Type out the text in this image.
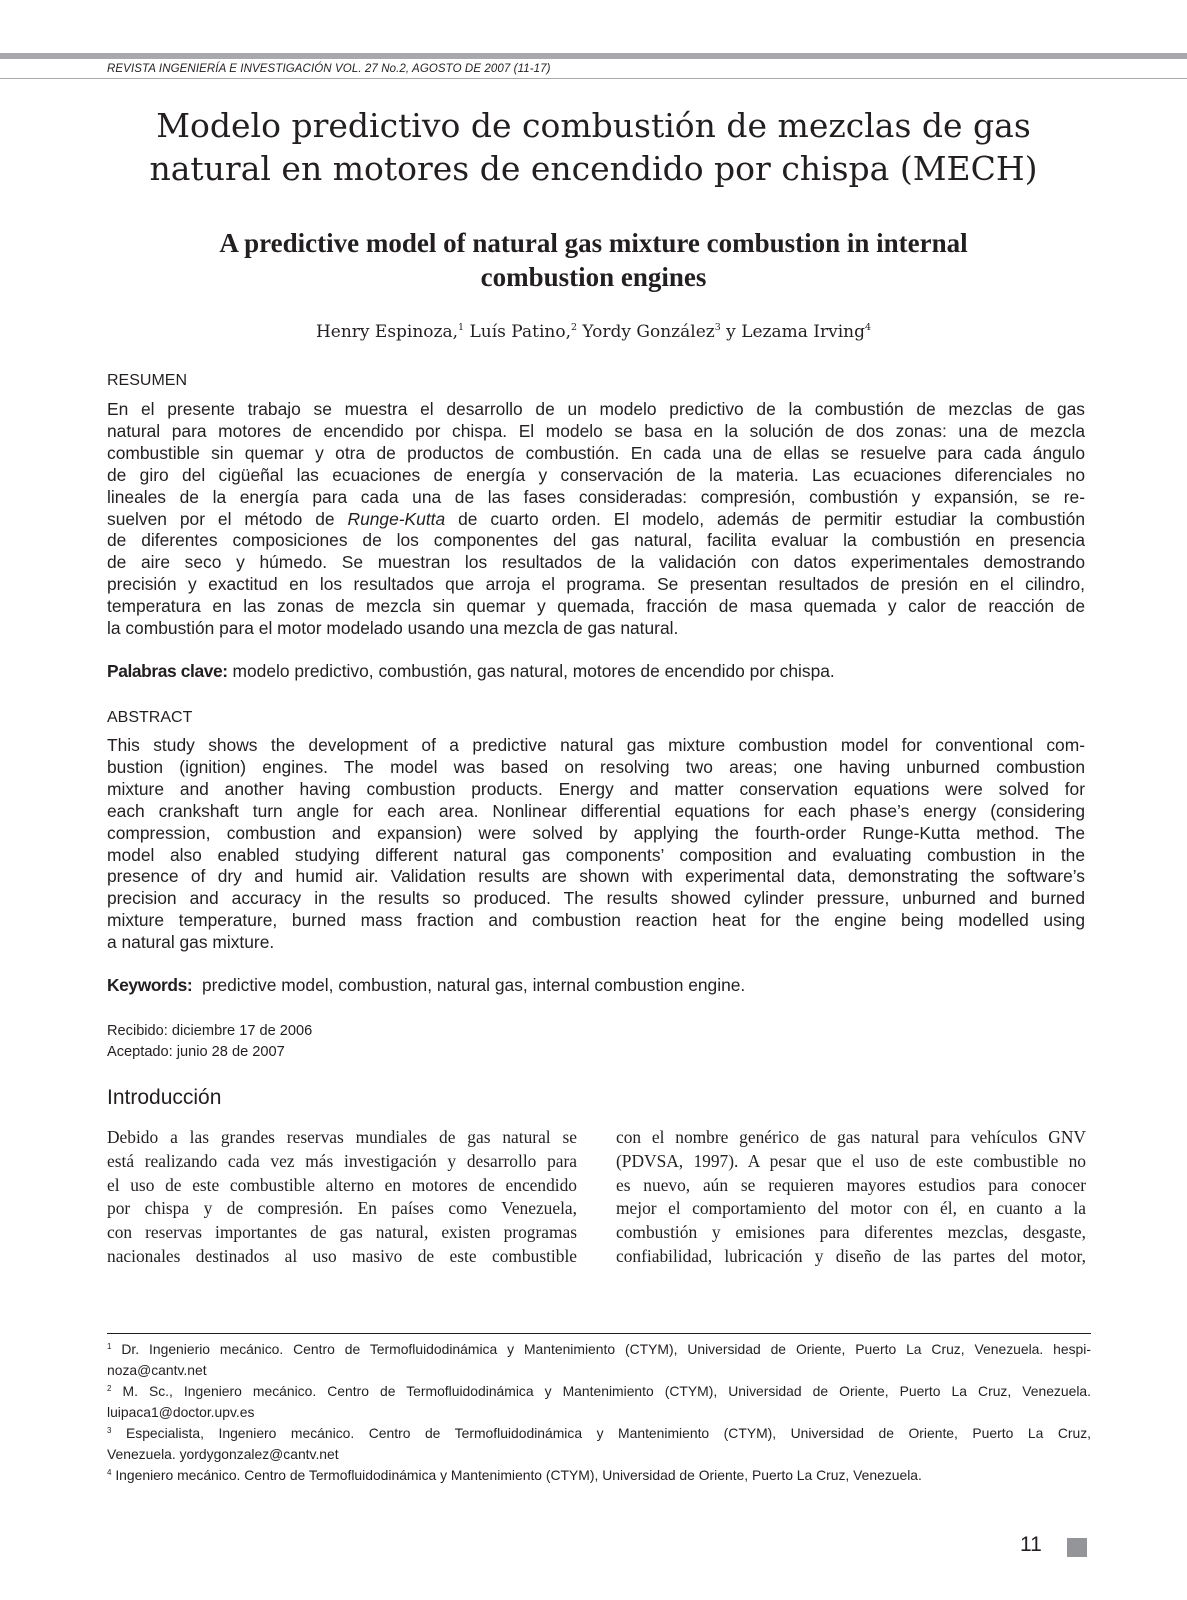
REVISTA INGENIERÍA E INVESTIGACIÓN VOL. 27 No.2, AGOSTO DE 2007 (11-17)
Modelo predictivo de combustión de mezclas de gas
natural en motores de encendido por chispa (MECH)
A predictive model of natural gas mixture combustion in internal
combustion engines
Henry Espinoza,$^1$ Luís Patino,$^2$ Yordy González$^3$ y Lezama Irving$^4$
RESUMEN
En el presente trabajo se muestra el desarrollo de un modelo predictivo de la combustión de mezclas de gas
natural para motores de encendido por chispa. El modelo se basa en la solución de dos zonas: una de mezcla
combustible sin quemar y otra de productos de combustión. En cada una de ellas se resuelve para cada ángulo
de giro del cigüeñal las ecuaciones de energía y conservación de la materia. Las ecuaciones diferenciales no
lineales de la energía para cada una de las fases consideradas: compresión, combustión y expansión, se re-
suelven por el método de Runge-Kutta de cuarto orden. El modelo, además de permitir estudiar la combustión
de diferentes composiciones de los componentes del gas natural, facilita evaluar la combustión en presencia
de aire seco y húmedo. Se muestran los resultados de la validación con datos experimentales demostrando
precisión y exactitud en los resultados que arroja el programa. Se presentan resultados de presión en el cilindro,
temperatura en las zonas de mezcla sin quemar y quemada, fracción de masa quemada y calor de reacción de
la combustión para el motor modelado usando una mezcla de gas natural.
Palabras clave: modelo predictivo, combustión, gas natural, motores de encendido por chispa.
ABSTRACT
This study shows the development of a predictive natural gas mixture combustion model for conventional com-
bustion (ignition) engines. The model was based on resolving two areas; one having unburned combustion
mixture and another having combustion products. Energy and matter conservation equations were solved for
each crankshaft turn angle for each area. Nonlinear differential equations for each phase’s energy (considering
compression, combustion and expansion) were solved by applying the fourth-order Runge-Kutta method. The
model also enabled studying different natural gas components’ composition and evaluating combustion in the
presence of dry and humid air. Validation results are shown with experimental data, demonstrating the software’s
precision and accuracy in the results so produced. The results showed cylinder pressure, unburned and burned
mixture temperature, burned mass fraction and combustion reaction heat for the engine being modelled using
a natural gas mixture.
Keywords:  predictive model, combustion, natural gas, internal combustion engine.
Recibido: diciembre 17 de 2006
Aceptado: junio 28 de 2007
Introducción
Debido a las grandes reservas mundiales de gas natural se
está realizando cada vez más investigación y desarrollo para
el uso de este combustible alterno en motores de encendido
por chispa y de compresión. En países como Venezuela,
con reservas importantes de gas natural, existen programas
nacionales destinados al uso masivo de este combustible
con el nombre genérico de gas natural para vehículos GNV
(PDVSA, 1997). A pesar que el uso de este combustible no
es nuevo, aún se requieren mayores estudios para conocer
mejor el comportamiento del motor con él, en cuanto a la
combustión y emisiones para diferentes mezclas, desgaste,
confiabilidad, lubricación y diseño de las partes del motor,
$^1$ Dr. Ingenierio mecánico. Centro de Termofluidodinámica y Mantenimiento (CTYM), Universidad de Oriente, Puerto La Cruz, Venezuela. hespi-
noza@cantv.net
$^2$ M. Sc., Ingeniero mecánico. Centro de Termofluidodinámica y Mantenimiento (CTYM), Universidad de Oriente, Puerto La Cruz, Venezuela.
luipaca1@doctor.upv.es
$^3$ Especialista, Ingeniero mecánico. Centro de Termofluidodinámica y Mantenimiento (CTYM), Universidad de Oriente, Puerto La Cruz,
Venezuela. yordygonzalez@cantv.net
$^4$ Ingeniero mecánico. Centro de Termofluidodinámica y Mantenimiento (CTYM), Universidad de Oriente, Puerto La Cruz, Venezuela.
11
